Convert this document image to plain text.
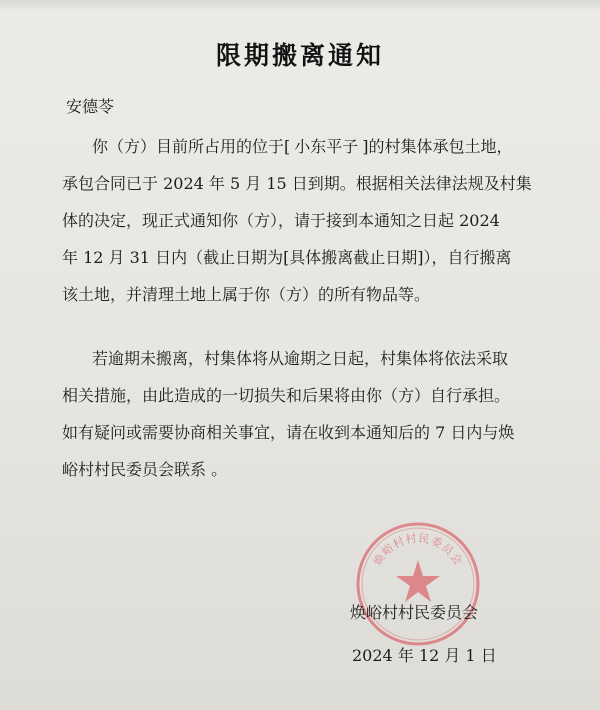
限期搬离通知
安德苓
你（方）目前所占用的位于[ 小东平子 ]的村集体承包土地，
承包合同已于 2024 年 5 月 15 日到期。根据相关法律法规及村集
体的决定，现正式通知你（方），请于接到本通知之日起 2024
年 12 月 31 日内（截止日期为[具体搬离截止日期]），自行搬离
该土地，并清理土地上属于你（方）的所有物品等。
若逾期未搬离，村集体将从逾期之日起，村集体将依法采取
相关措施，由此造成的一切损失和后果将由你（方）自行承担。
如有疑问或需要协商相关事宜，请在收到本通知后的 7 日内与焕
峪村村民委员会联系 。
焕峪村村民委员会
焕峪村村民委员会
2024 年 12 月 1 日
